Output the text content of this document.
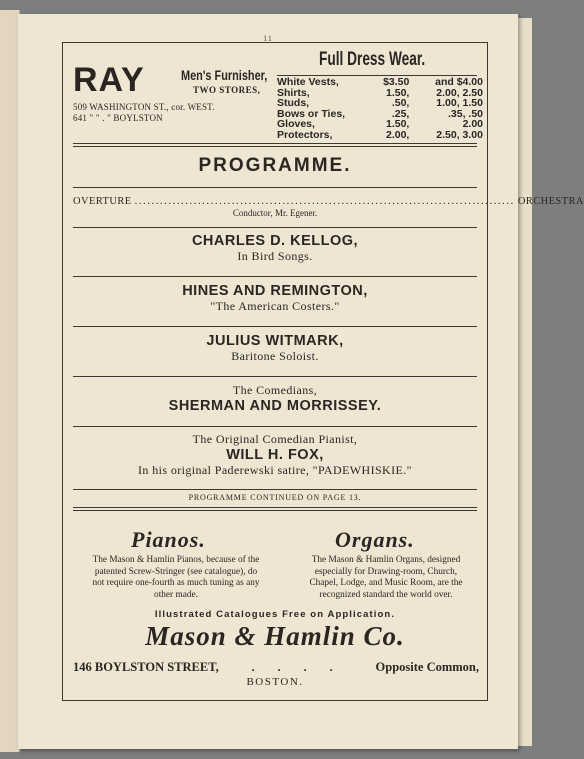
11
RAY	Men's Furnisher,
TWO STORES,
509 WASHINGTON ST., cor. WEST.
641 " " . " BOYLSTON
Full Dress Wear.
White Vests,	$3.50	and $4.00
Shirts,	1.50,	2.00, 2.50
Studs,	.50,	1.00, 1.50
Bows or Ties,	.25,	.35, .50
Gloves,	1.50,	2.00
Protectors,	2.00,	2.50, 3.00
PROGRAMME.
OVERTURE .......................................................................................... ORCHESTRA
Conductor, Mr. Egener.
CHARLES D. KELLOG,
In Bird Songs.
HINES AND REMINGTON,
"The American Costers."
JULIUS WITMARK,
Baritone Soloist.
The Comedians,
SHERMAN AND MORRISSEY.
The Original Comedian Pianist,
WILL H. FOX,
In his original Paderewski satire, "PADEWHISKIE."
PROGRAMME CONTINUED ON PAGE 13.
Pianos.
The Mason & Hamlin Pianos, because of the patented Screw-Stringer (see catalogue), do not require one-fourth as much tuning as any other made.
Organs.
The Mason & Hamlin Organs, designed especially for Drawing-room, Church, Chapel, Lodge, and Music Room, are the recognized standard the world over.
Illustrated Catalogues Free on Application.
Mason & Hamlin Co.
146 BOYLSTON STREET,	. . . .	Opposite Common,
BOSTON.
